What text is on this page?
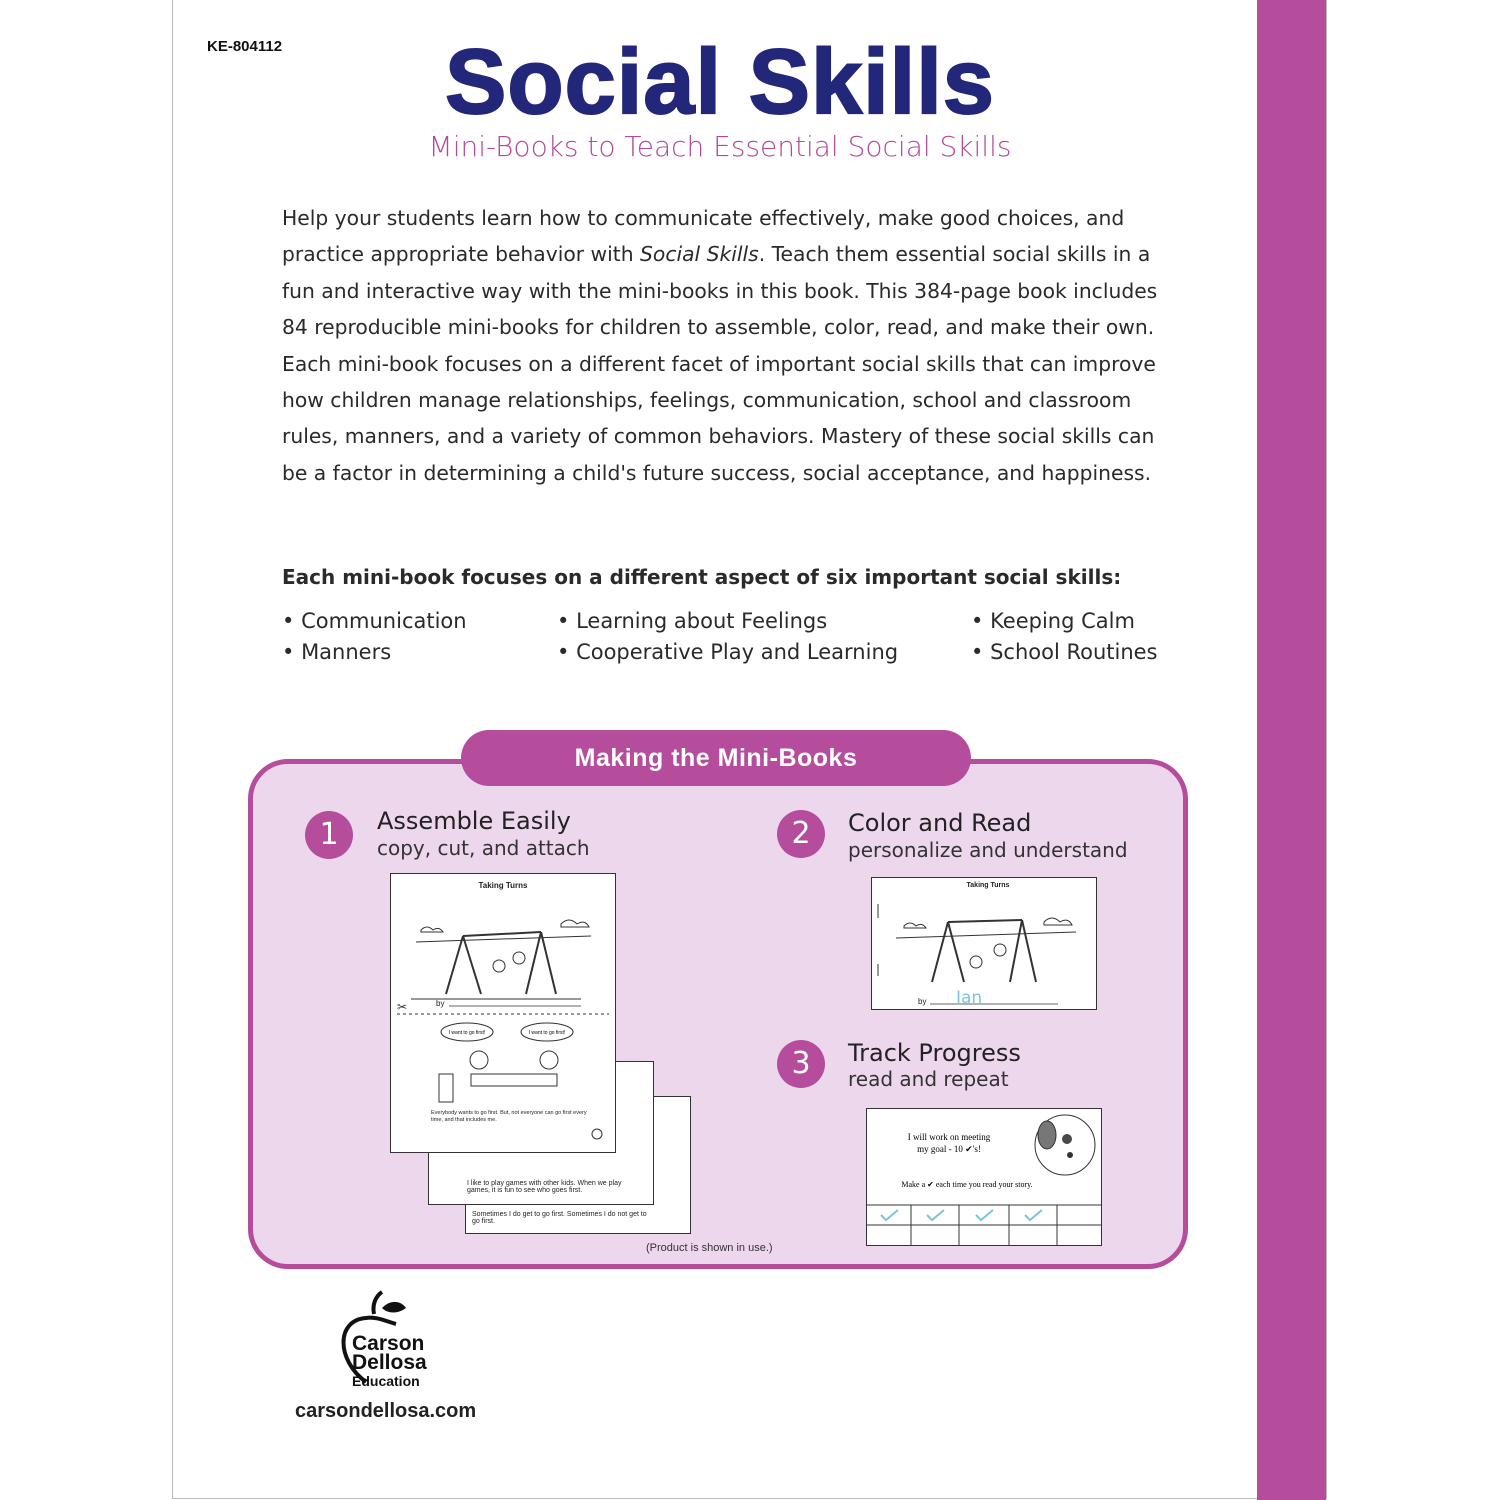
KE-804112	Social Skills
Mini-Books to Teach Essential Social Skills
Help your students learn how to communicate effectively, make good choices, and practice appropriate behavior with Social Skills. Teach them essential social skills in a fun and interactive way with the mini-books in this book. This 384-page book includes 84 reproducible mini-books for children to assemble, color, read, and make their own. Each mini-book focuses on a different facet of important social skills that can improve how children manage relationships, feelings, communication, school and classroom rules, manners, and a variety of common behaviors. Mastery of these social skills can be a factor in determining a child's future success, social acceptance, and happiness.
Each mini-book focuses on a different aspect of six important social skills:
• Communication	• Learning about Feelings	• Keeping Calm
• Manners	• Cooperative Play and Learning	• School Routines
Making the Mini-Books
1	Assemble Easily
copy, cut, and attach
Sometimes I do get to go first. Sometimes I do not get to go first.
I like to play games with other kids. When we play games, it is fun to see who goes first.
Taking Turns
by
✂
I want to go first!	I want to go first!
Everybody wants to go first. But, not everyone can go first every time, and that includes me.
2	Color and Read
personalize and understand
Taking Turns
by Ian
3	Track Progress
read and repeat
I will work on meeting
my goal - 10 ✔'s!
Make a ✔ each time you read your story.
(Product is shown in use.)
Carson
Dellosa
Education
carsondellosa.com
